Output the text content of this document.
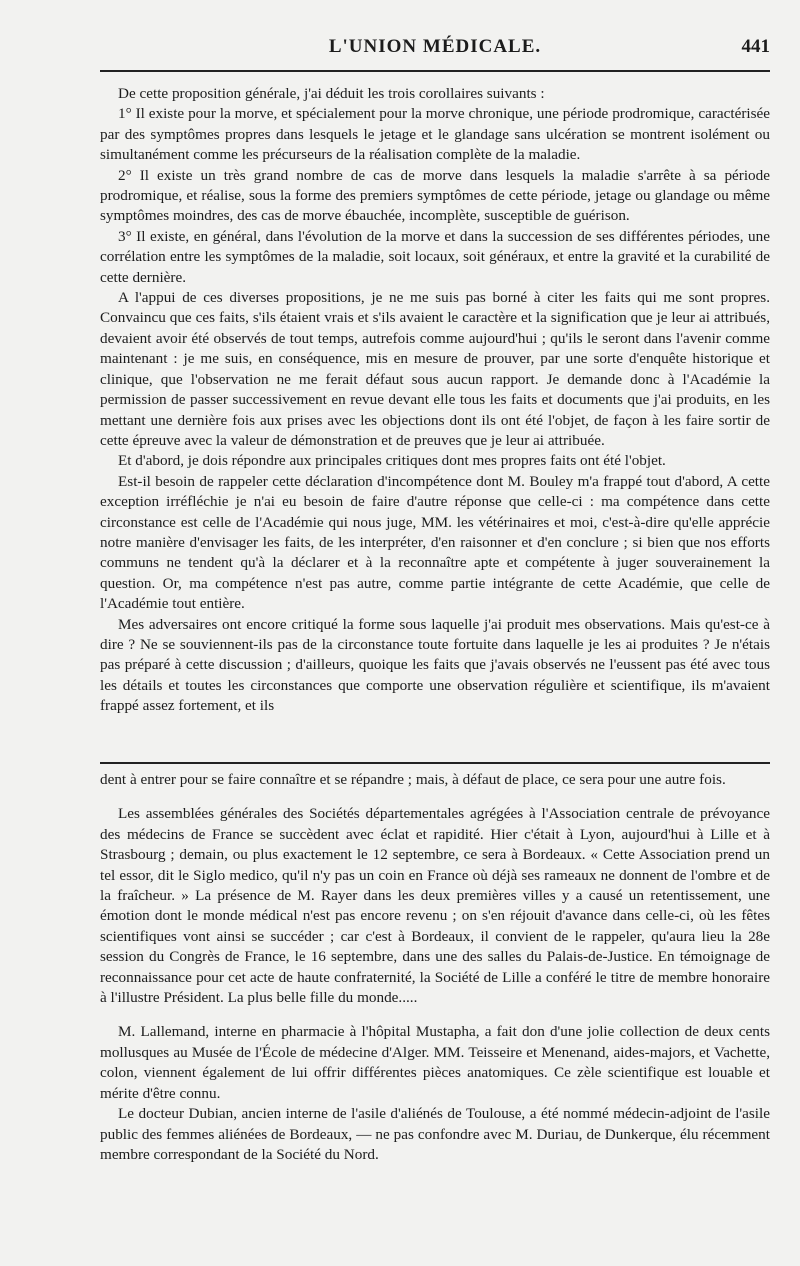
L'UNION MÉDICALE.	441

De cette proposition générale, j'ai déduit les trois corollaires suivants :

1° Il existe pour la morve, et spécialement pour la morve chronique, une période prodromique, caractérisée par des symptômes propres dans lesquels le jetage et le glandage sans ulcération se montrent isolément ou simultanément comme les précurseurs de la réalisation complète de la maladie.

2° Il existe un très grand nombre de cas de morve dans lesquels la maladie s'arrête à sa période prodromique, et réalise, sous la forme des premiers symptômes de cette période, jetage ou glandage ou même symptômes moindres, des cas de morve ébauchée, incomplète, susceptible de guérison.

3° Il existe, en général, dans l'évolution de la morve et dans la succession de ses différentes périodes, une corrélation entre les symptômes de la maladie, soit locaux, soit généraux, et entre la gravité et la curabilité de cette dernière.

A l'appui de ces diverses propositions, je ne me suis pas borné à citer les faits qui me sont propres. Convaincu que ces faits, s'ils étaient vrais et s'ils avaient le caractère et la signification que je leur ai attribués, devaient avoir été observés de tout temps, autrefois comme aujourd'hui ; qu'ils le seront dans l'avenir comme maintenant : je me suis, en conséquence, mis en mesure de prouver, par une sorte d'enquête historique et clinique, que l'observation ne me ferait défaut sous aucun rapport. Je demande donc à l'Académie la permission de passer successivement en revue devant elle tous les faits et documents que j'ai produits, en les mettant une dernière fois aux prises avec les objections dont ils ont été l'objet, de façon à les faire sortir de cette épreuve avec la valeur de démonstration et de preuves que je leur ai attribuée.

Et d'abord, je dois répondre aux principales critiques dont mes propres faits ont été l'objet.

Est-il besoin de rappeler cette déclaration d'incompétence dont M. Bouley m'a frappé tout d'abord, A cette exception irréfléchie je n'ai eu besoin de faire d'autre réponse que celle-ci : ma compétence dans cette circonstance est celle de l'Académie qui nous juge, MM. les vétérinaires et moi, c'est-à-dire qu'elle apprécie notre manière d'envisager les faits, de les interpréter, d'en raisonner et d'en conclure ; si bien que nos efforts communs ne tendent qu'à la déclarer et à la reconnaître apte et compétente à juger souverainement la question. Or, ma compétence n'est pas autre, comme partie intégrante de cette Académie, que celle de l'Académie tout entière.

Mes adversaires ont encore critiqué la forme sous laquelle j'ai produit mes observations. Mais qu'est-ce à dire ? Ne se souviennent-ils pas de la circonstance toute fortuite dans laquelle je les ai produites ? Je n'étais pas préparé à cette discussion ; d'ailleurs, quoique les faits que j'avais observés ne l'eussent pas été avec tous les détails et toutes les circonstances que comporte une observation régulière et scientifique, ils m'avaient frappé assez fortement, et ils

dent à entrer pour se faire connaître et se répandre ; mais, à défaut de place, ce sera pour une autre fois.

Les assemblées générales des Sociétés départementales agrégées à l'Association centrale de prévoyance des médecins de France se succèdent avec éclat et rapidité. Hier c'était à Lyon, aujourd'hui à Lille et à Strasbourg ; demain, ou plus exactement le 12 septembre, ce sera à Bordeaux. « Cette Association prend un tel essor, dit le Siglo medico, qu'il n'y pas un coin en France où déjà ses rameaux ne donnent de l'ombre et de la fraîcheur. » La présence de M. Rayer dans les deux premières villes y a causé un retentissement, une émotion dont le monde médical n'est pas encore revenu ; on s'en réjouit d'avance dans celle-ci, où les fêtes scientifiques vont ainsi se succéder ; car c'est à Bordeaux, il convient de le rappeler, qu'aura lieu la 28e session du Congrès de France, le 16 septembre, dans une des salles du Palais-de-Justice. En témoignage de reconnaissance pour cet acte de haute confraternité, la Société de Lille a conféré le titre de membre honoraire à l'illustre Président. La plus belle fille du monde.....

M. Lallemand, interne en pharmacie à l'hôpital Mustapha, a fait don d'une jolie collection de deux cents mollusques au Musée de l'École de médecine d'Alger. MM. Teisseire et Menenand, aides-majors, et Vachette, colon, viennent également de lui offrir différentes pièces anatomiques. Ce zèle scientifique est louable et mérite d'être connu.

Le docteur Dubian, ancien interne de l'asile d'aliénés de Toulouse, a été nommé médecin-adjoint de l'asile public des femmes aliénées de Bordeaux, — ne pas confondre avec M. Duriau, de Dunkerque, élu récemment membre correspondant de la Société du Nord.
